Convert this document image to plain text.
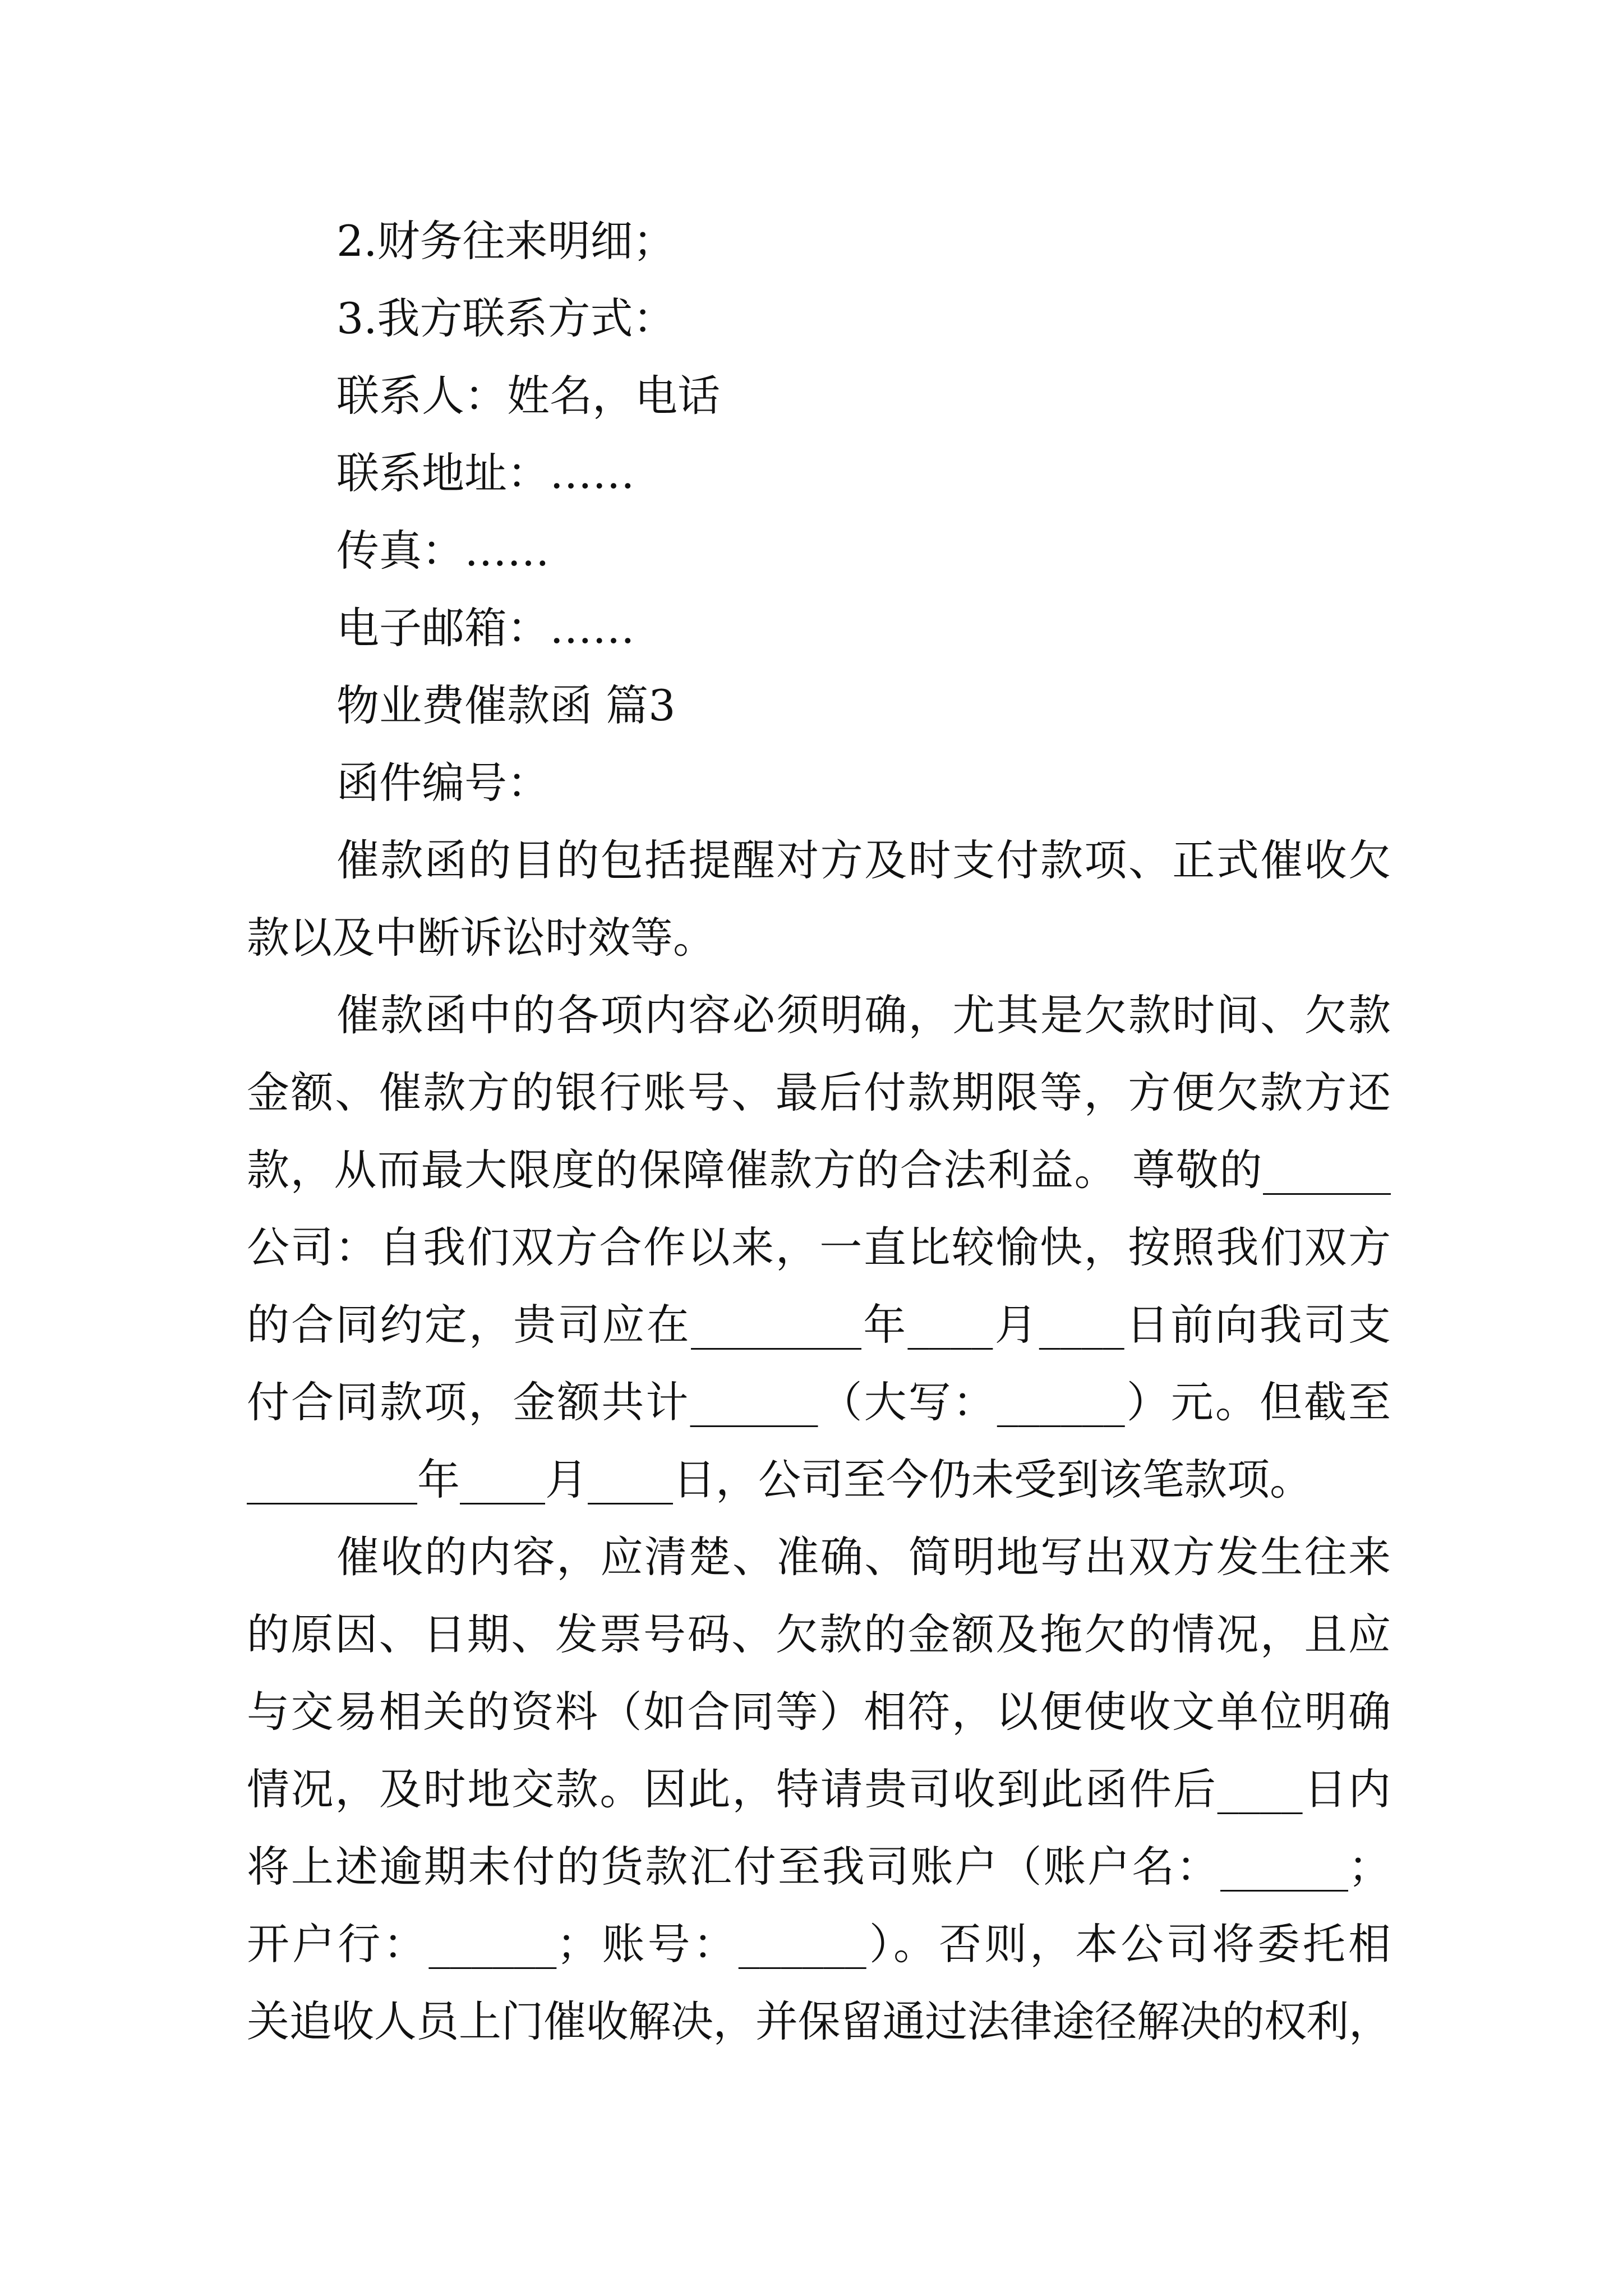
2.财务往来明细；
3.我方联系方式：
联系人：姓名，电话
联系地址：……
传真：……
电子邮箱：……
物业费催款函 篇3
函件编号：
催款函的目的包括提醒对方及时支付款项、正式催收欠
款以及中断诉讼时效等。
催款函中的各项内容必须明确，尤其是欠款时间、欠款
金额、催款方的银行账号、最后付款期限等，方便欠款方还
款，从而最大限度的保障催款方的合法利益。 尊敬的______
公司：自我们双方合作以来，一直比较愉快，按照我们双方
的合同约定，贵司应在________年____月____日前向我司支
付合同款项，金额共计______（大写：______）元。但截至
________年____月____日，公司至今仍未受到该笔款项。
催收的内容，应清楚、准确、简明地写出双方发生往来
的原因、日期、发票号码、欠款的金额及拖欠的情况，且应
与交易相关的资料（如合同等）相符，以便使收文单位明确
情况，及时地交款。因此，特请贵司收到此函件后____日内
将上述逾期未付的货款汇付至我司账户（账户名：______；
开户行：______；账号：______）。否则，本公司将委托相
关追收人员上门催收解决，并保留通过法律途径解决的权利，
